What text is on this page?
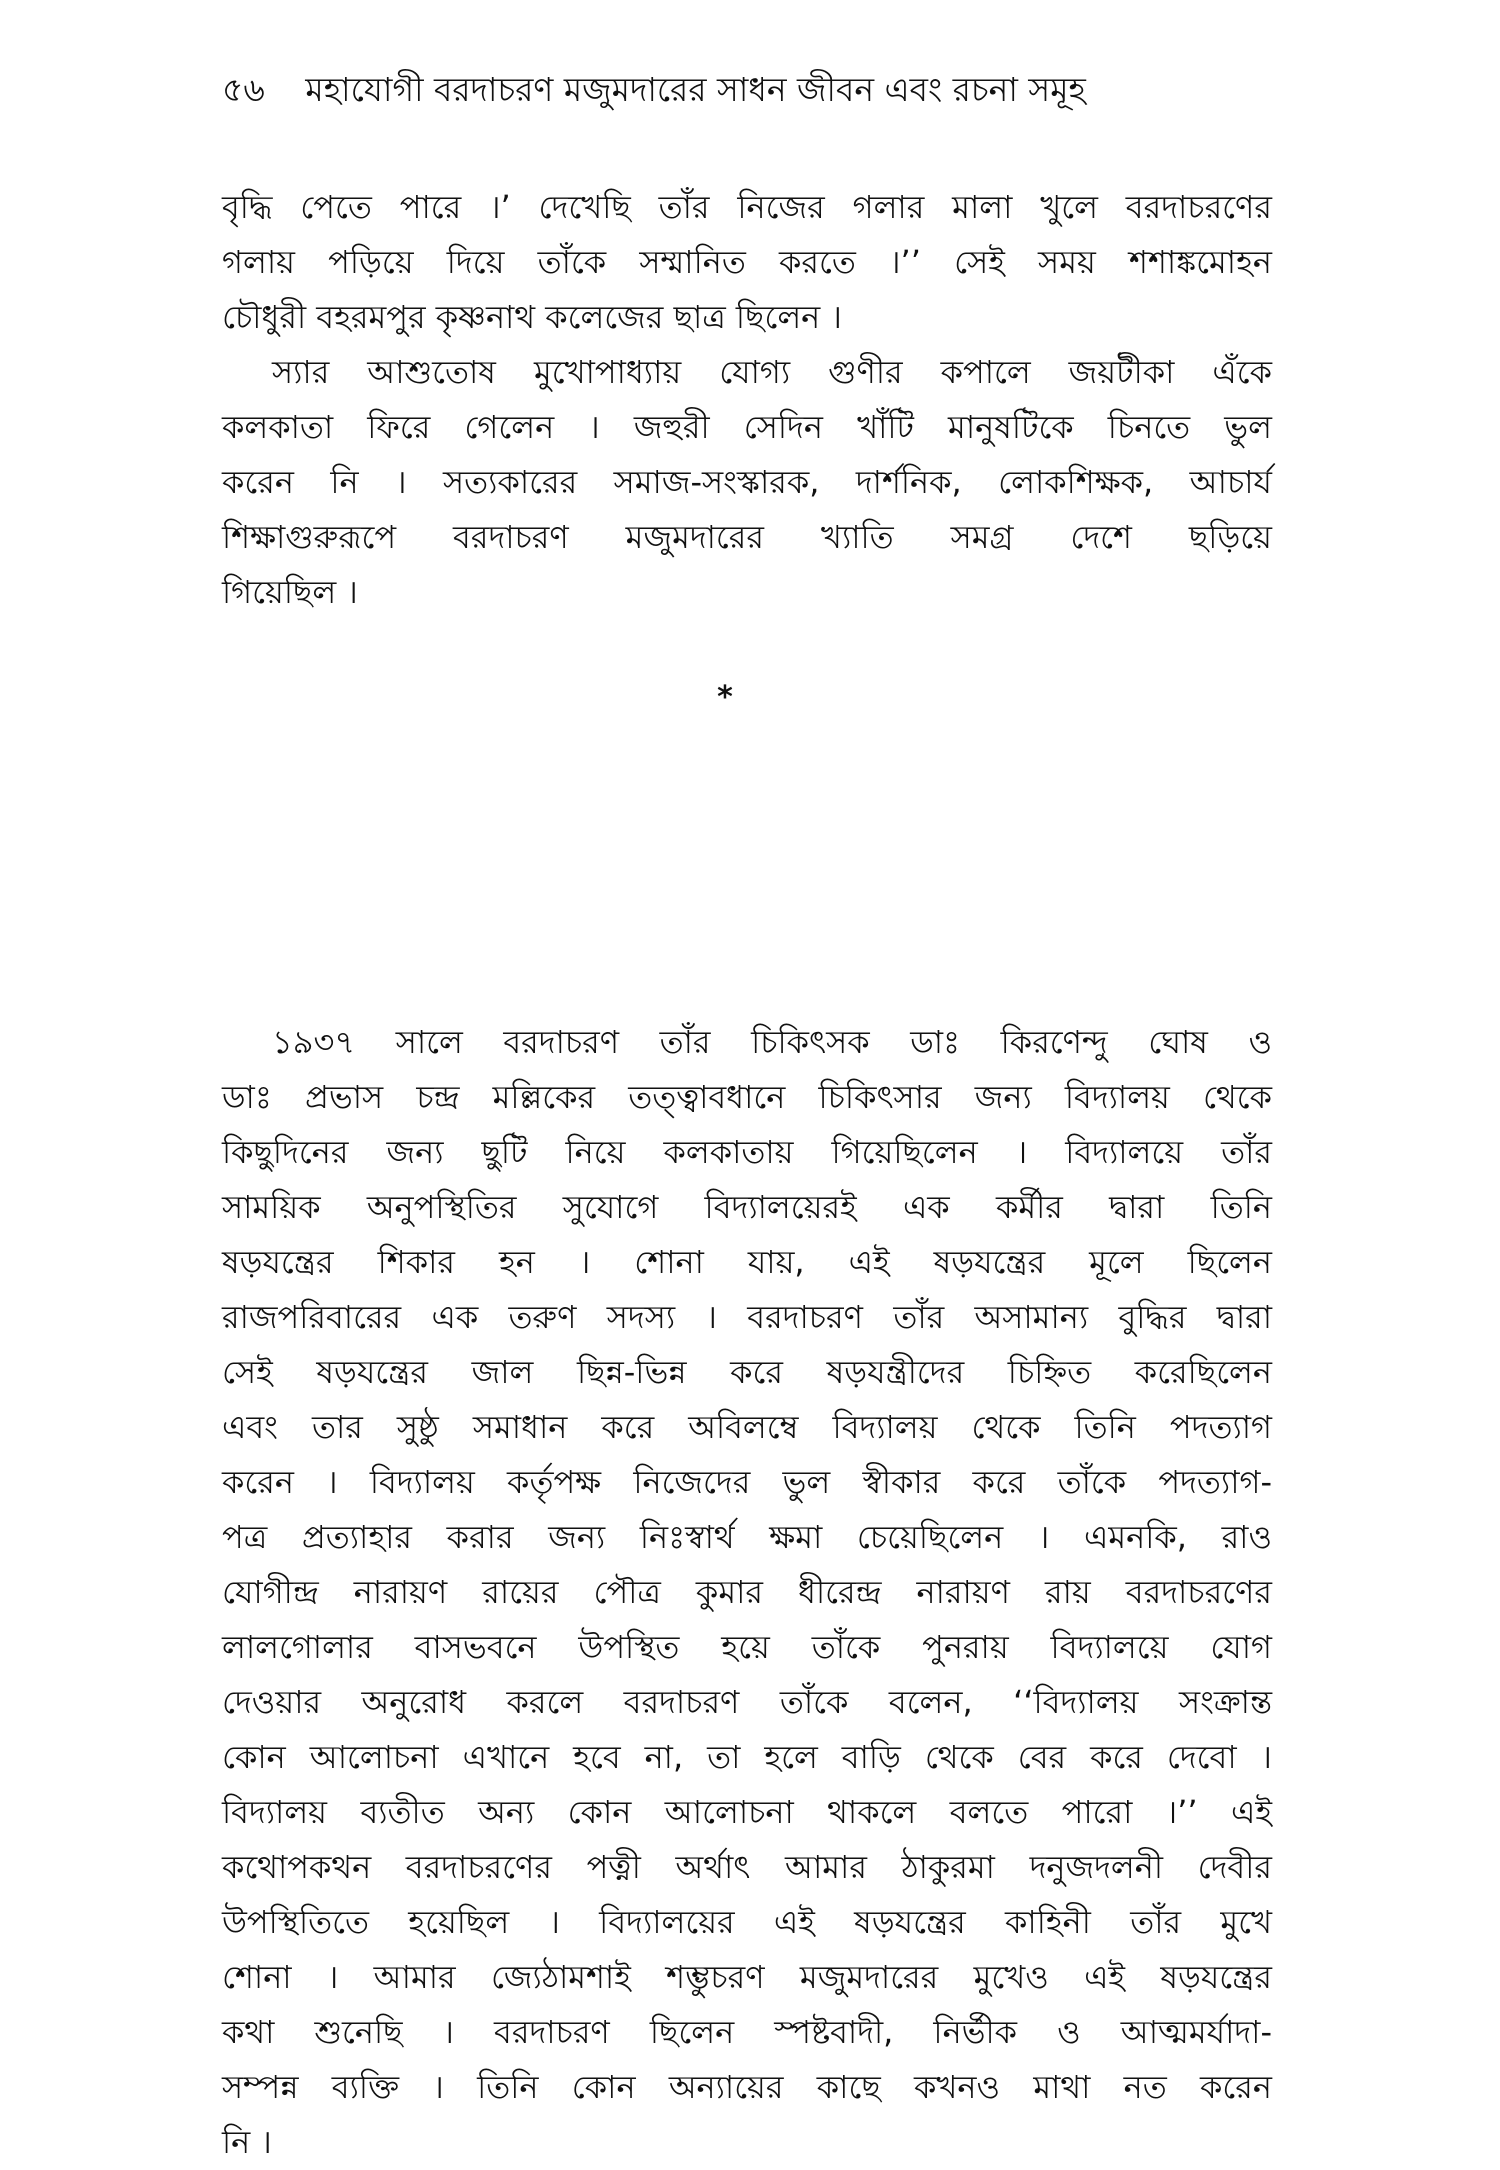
৫৬ মহাযোগী বরদাচরণ মজুমদারের সাধন জীবন এবং রচনা সমূহ
বৃদ্ধি পেতে পারে ।’ দেখেছি তাঁর নিজের গলার মালা খুলে বরদাচরণের
গলায় পড়িয়ে দিয়ে তাঁকে সম্মানিত করতে ।’’ সেই সময় শশাঙ্কমোহন
চৌধুরী বহরমপুর কৃষ্ণনাথ কলেজের ছাত্র ছিলেন ।
স্যার আশুতোষ মুখোপাধ্যায় যোগ্য গুণীর কপালে জয়টীকা এঁকে
কলকাতা ফিরে গেলেন । জহুরী সেদিন খাঁটি মানুষটিকে চিনতে ভুল
করেন নি । সত্যকারের সমাজ-সংস্কারক, দার্শনিক, লোকশিক্ষক, আচার্য
শিক্ষাগুরুরূপে বরদাচরণ মজুমদারের খ্যাতি সমগ্র দেশে ছড়িয়ে
গিয়েছিল ।
*
১৯৩৭ সালে বরদাচরণ তাঁর চিকিৎসক ডাঃ কিরণেন্দু ঘোষ ও
ডাঃ প্রভাস চন্দ্র মল্লিকের তত্ত্বাবধানে চিকিৎসার জন্য বিদ্যালয় থেকে
কিছুদিনের জন্য ছুটি নিয়ে কলকাতায় গিয়েছিলেন । বিদ্যালয়ে তাঁর
সাময়িক অনুপস্থিতির সুযোগে বিদ্যালয়েরই এক কর্মীর দ্বারা তিনি
ষড়যন্ত্রের শিকার হন । শোনা যায়, এই ষড়যন্ত্রের মূলে ছিলেন
রাজপরিবারের এক তরুণ সদস্য । বরদাচরণ তাঁর অসামান্য বুদ্ধির দ্বারা
সেই ষড়যন্ত্রের জাল ছিন্ন-ভিন্ন করে ষড়যন্ত্রীদের চিহ্নিত করেছিলেন
এবং তার সুষ্ঠু সমাধান করে অবিলম্বে বিদ্যালয় থেকে তিনি পদত্যাগ
করেন । বিদ্যালয় কর্তৃপক্ষ নিজেদের ভুল স্বীকার করে তাঁকে পদত্যাগ-
পত্র প্রত্যাহার করার জন্য নিঃস্বার্থ ক্ষমা চেয়েছিলেন । এমনকি, রাও
যোগীন্দ্র নারায়ণ রায়ের পৌত্র কুমার ধীরেন্দ্র নারায়ণ রায় বরদাচরণের
লালগোলার বাসভবনে উপস্থিত হয়ে তাঁকে পুনরায় বিদ্যালয়ে যোগ
দেওয়ার অনুরোধ করলে বরদাচরণ তাঁকে বলেন, ‘‘বিদ্যালয় সংক্রান্ত
কোন আলোচনা এখানে হবে না, তা হলে বাড়ি থেকে বের করে দেবো ।
বিদ্যালয় ব্যতীত অন্য কোন আলোচনা থাকলে বলতে পারো ।’’ এই
কথোপকথন বরদাচরণের পত্নী অর্থাৎ আমার ঠাকুরমা দনুজদলনী দেবীর
উপস্থিতিতে হয়েছিল । বিদ্যালয়ের এই ষড়যন্ত্রের কাহিনী তাঁর মুখে
শোনা । আমার জ্যেঠামশাই শম্ভুচরণ মজুমদারের মুখেও এই ষড়যন্ত্রের
কথা শুনেছি । বরদাচরণ ছিলেন স্পষ্টবাদী, নির্ভীক ও আত্মমর্যাদা-
সম্পন্ন ব্যক্তি । তিনি কোন অন্যায়ের কাছে কখনও মাথা নত করেন
নি ।
